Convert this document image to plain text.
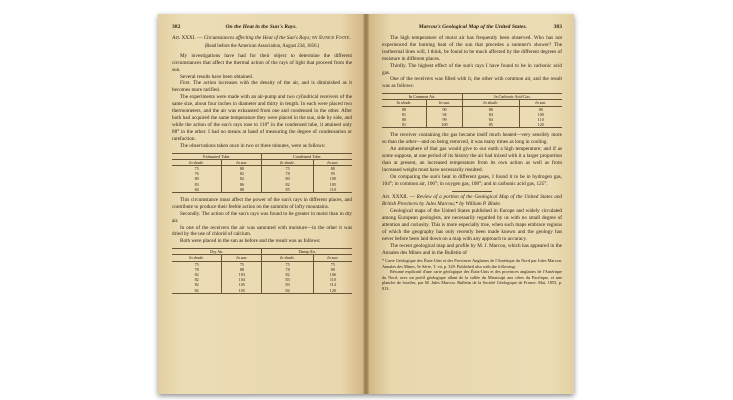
382	On the Heat in the Sun's Rays.

Art. XXXI. — Circumstances affecting the Heat of the Sun's Rays; by Eunice Foote.

(Read before the American Association, August 23d, 1856.)

My investigations have had for their object to determine the different circumstances that affect the thermal action of the rays of light that proceed from the sun.

Several results have been obtained.

First. The action increases with the density of the air, and is diminished as it becomes more rarified.

The experiments were made with an air-pump and two cylindrical receivers of the same size, about four inches in diameter and thirty in length. In each were placed two thermometers, and the air was exhausted from one and condensed in the other. After both had acquired the same temperature they were placed in the sun, side by side, and while the action of the sun's rays rose to 110° in the condensed tube, it attained only 88° in the other. I had no means at hand of measuring the degree of condensation or rarefaction.

The observations taken once in two or three minutes, were as follows:

Exhausted Tube.		Condensed Tube.	
In shade.	In sun.	In shade.	In sun.
75	80	75	80
76	82	78	95
80	82	80	100
83	86	82	105
84	88	85	110

This circumstance must affect the power of the sun's rays in different places, and contribute to produce their feeble action on the summits of lofty mountains.

Secondly. The action of the sun's rays was found to be greater in moist than in dry air.

In one of the receivers the air was saturated with moisture—in the other it was dried by the use of chlorid of calcium.

Both were placed in the sun as before and the result was as follows:

Dry Air.		Damp Air.	
In shade.	In sun.	In shade.	In sun.
75	75	75	75
78	88	78	90
82	103	82	106
82	104	83	110
82	105	83	114
82	105	84	120
Marcou's Geological Map of the United States.	383

The high temperature of moist air has frequently been observed. Who has not experienced the burning heat of the sun that precedes a summer's shower? The isothermal lines will, I think, be found to be much affected by the different degrees of moisture in different places.

Thirdly. The highest effect of the sun's rays I have found to be in carbonic acid gas.

One of the receivers was filled with it, the other with common air, and the result was as follows:

In Common Air.		In Carbonic Acid Gas.	
In shade.	In sun.	In shade.	In sun.
80	90	80	90
81	94	84	100
80	99	84	110
81	100	85	120

The receiver containing the gas became itself much heated—very sensibly more so than the other—and on being removed, it was many times as long in cooling.

An atmosphere of that gas would give to our earth a high temperature; and if as some suppose, at one period of its history the air had mixed with it a larger proportion than at present, an increased temperature from its own action as well as from increased weight must have necessarily resulted.

On comparing the sun's heat in different gases, I found it to be in hydrogen gas, 104°; in common air, 106°; in oxygen gas, 108°; and in carbonic acid gas, 125°.

Art. XXXII. — Review of a portion of the Geological Map of the United States and British Provinces by Jules Marcou;* by William P. Blake.

Geological maps of the United States published in Europe and widely circulated among European geologists, are necessarily regarded by us with no small degree of attention and curiosity. This is more especially true, when such maps embrace regions of which the geography has only recently been made known and the geology has never before been laid down on a map with any approach to accuracy.

The recent geological map and profile by M. J. Marcou, which has appeared in the Annales des Mines and in the Bulletin of

* Carte Géologique des États-Unis et des Provinces Anglaises de l'Amérique du Nord par Jules Marcou. Annales des Mines, 5e Série, T. vii, p. 329. Published also with the following:

Résumé explicatif d'une carte géologique des États-Unis et des provinces anglaises de l'Amérique du Nord, avec un profil géologique allant de la vallée du Mississipi aux côtes du Pacifique, et une planche de fossiles, par M. Jules Marcou. Bulletin de la Société Géologique de France. Mai, 1855, p. 813.
